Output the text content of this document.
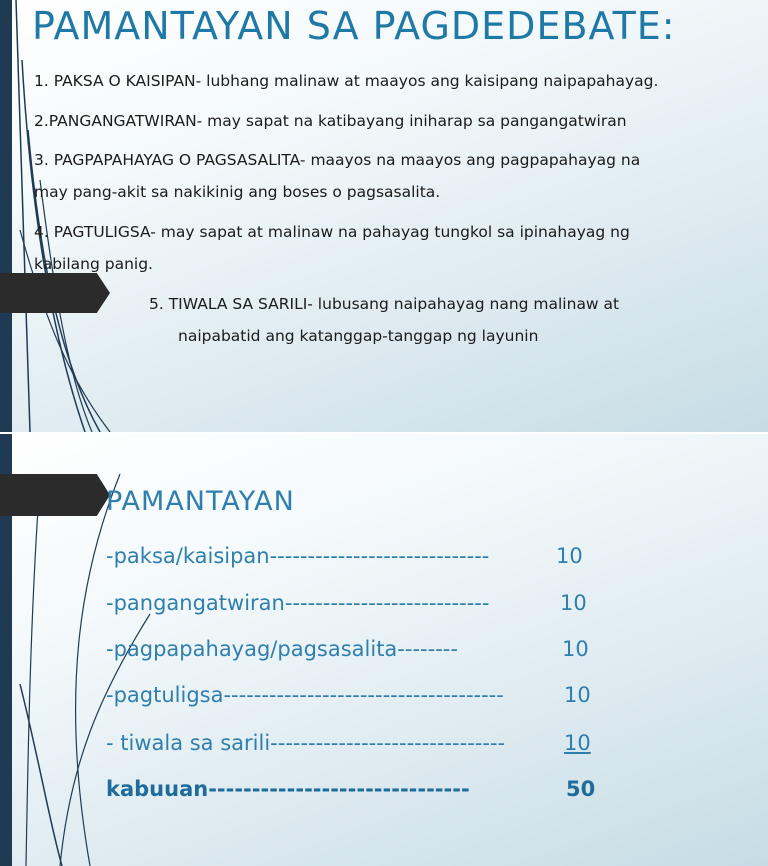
PAMANTAYAN SA PAGDEDEBATE:
1. PAKSA O KAISIPAN- lubhang malinaw at maayos ang kaisipang naipapahayag.
2.PANGANGATWIRAN- may sapat na katibayang iniharap sa pangangatwiran
3. PAGPAPAHAYAG O PAGSASALITA- maayos na maayos ang pagpapahayag na
may pang-akit sa nakikinig ang boses o pagsasalita.
4. PAGTULIGSA- may sapat at malinaw na pahayag tungkol sa ipinahayag ng
kabilang panig.
5. TIWALA SA SARILI- lubusang naipahayag nang malinaw at
naipabatid ang katanggap-tanggap ng layunin
PAMANTAYAN
-paksa/kaisipan-----------------------------	10
-pangangatwiran---------------------------	10
-pagpapahayag/pagsasalita--------	10
-pagtuligsa-------------------------------------	10
- tiwala sa sarili-------------------------------	10
kabuuan------------------------------	50
